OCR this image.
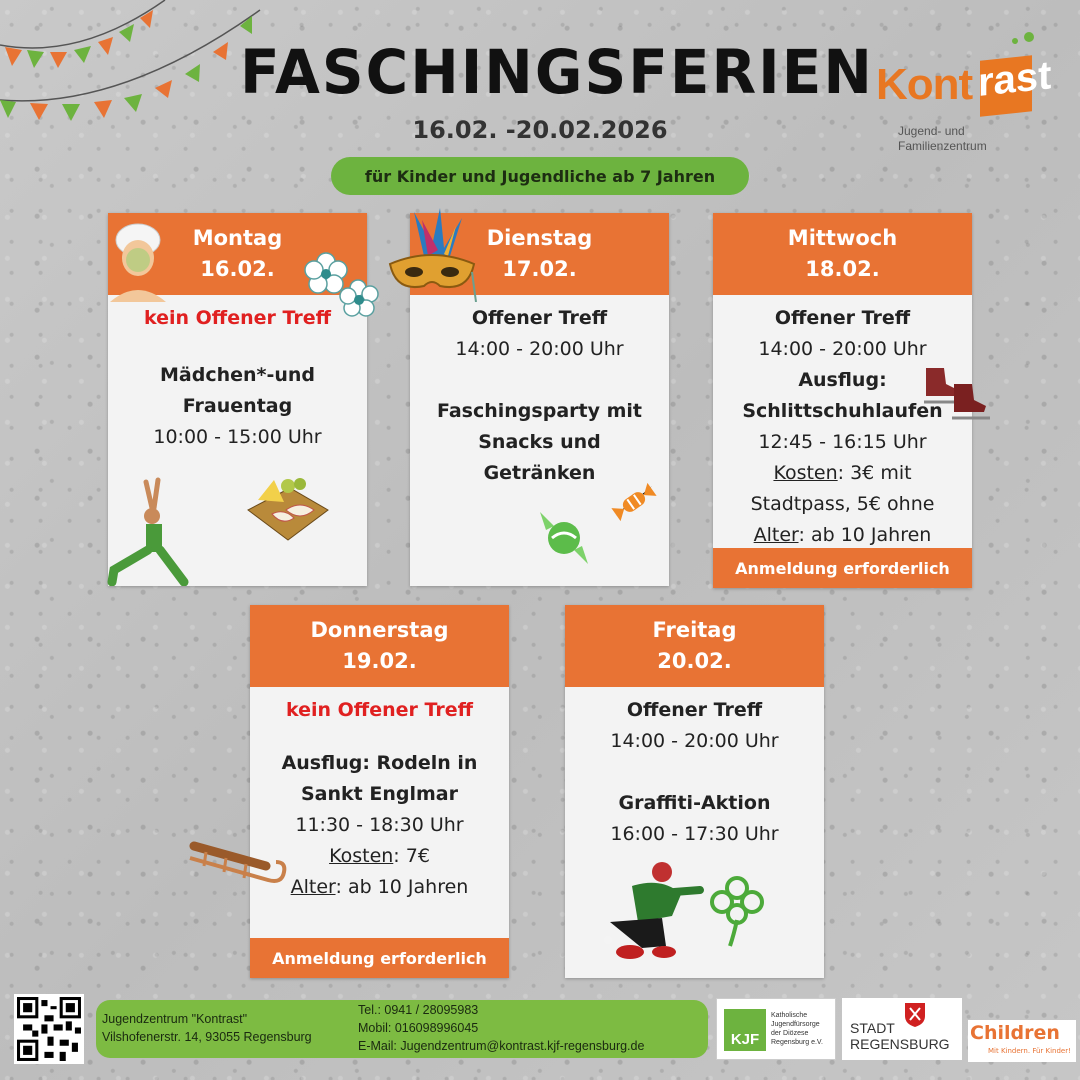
FASCHINGSFERIEN
16.02. -20.02.2026
für Kinder und Jugendliche ab 7 Jahren
Kont rast
Jugend- und
Familienzentrum
Montag
16.02.
kein Offener Treff
Mädchen*-und
Frauentag
10:00 - 15:00 Uhr
Dienstag
17.02.
Offener Treff
14:00 - 20:00 Uhr
Faschingsparty mit
Snacks und
Getränken
Mittwoch
18.02.
Offener Treff
14:00 - 20:00 Uhr
Ausflug:
Schlittschuhlaufen
12:45 - 16:15 Uhr
Kosten: 3€ mit
Stadtpass, 5€ ohne
Alter: ab 10 Jahren
Anmeldung erforderlich
Donnerstag
19.02.
kein Offener Treff
Ausflug: Rodeln in
Sankt Englmar
11:30 - 18:30 Uhr
Kosten: 7€
Alter: ab 10 Jahren
Anmeldung erforderlich
Freitag
20.02.
Offener Treff
14:00 - 20:00 Uhr
Graffiti-Aktion
16:00 - 17:30 Uhr
Jugendzentrum "Kontrast"
Vilshofenerstr. 14, 93055 Regensburg
Tel.: 0941 / 28095983
Mobil: 016098996045
E-Mail: Jugendzentrum@kontrast.kjf-regensburg.de	KJF
Katholische
Jugendfürsorge
der Diözese
Regensburg e.V.
STADT
REGENSBURG Children
Mit Kindern. Für Kinder!
